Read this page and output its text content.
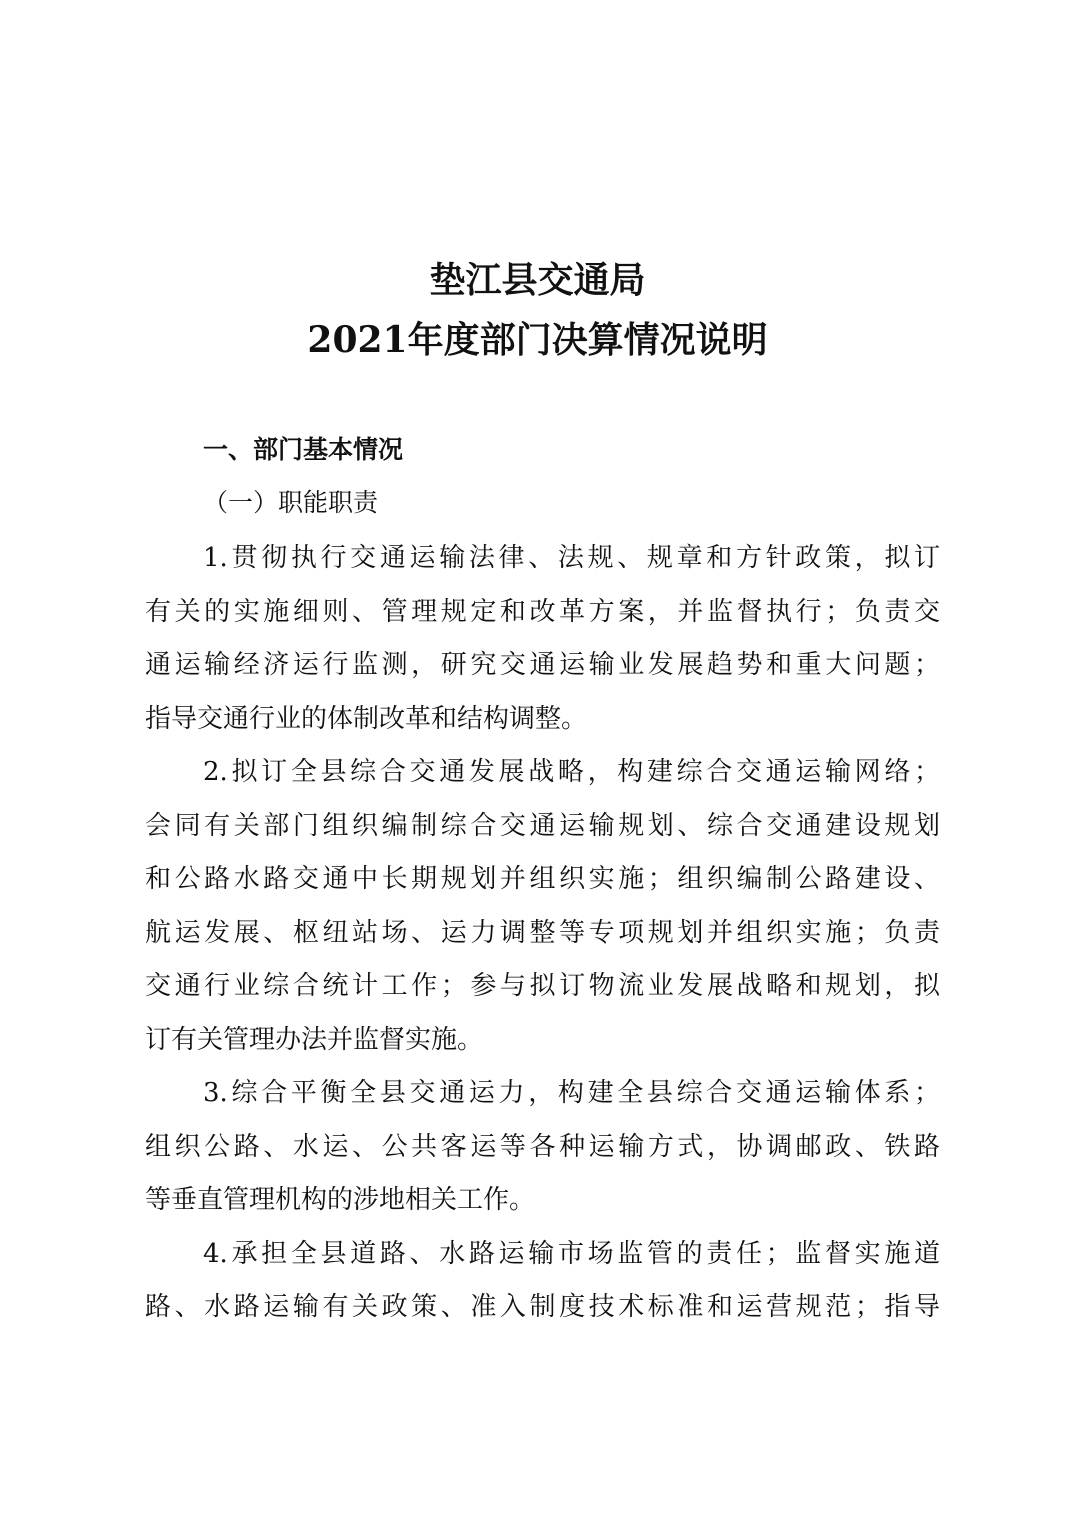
垫江县交通局
2021年度部门决算情况说明
一、部门基本情况
（一）职能职责
1.贯彻执行交通运输法律、法规、规章和方针政策，拟订
有关的实施细则、管理规定和改革方案，并监督执行；负责交
通运输经济运行监测，研究交通运输业发展趋势和重大问题；
指导交通行业的体制改革和结构调整。
2.拟订全县综合交通发展战略，构建综合交通运输网络；
会同有关部门组织编制综合交通运输规划、综合交通建设规划
和公路水路交通中长期规划并组织实施；组织编制公路建设、
航运发展、枢纽站场、运力调整等专项规划并组织实施；负责
交通行业综合统计工作；参与拟订物流业发展战略和规划，拟
订有关管理办法并监督实施。
3.综合平衡全县交通运力，构建全县综合交通运输体系；
组织公路、水运、公共客运等各种运输方式，协调邮政、铁路
等垂直管理机构的涉地相关工作。
4.承担全县道路、水路运输市场监管的责任；监督实施道
路、水路运输有关政策、准入制度技术标准和运营规范；指导
